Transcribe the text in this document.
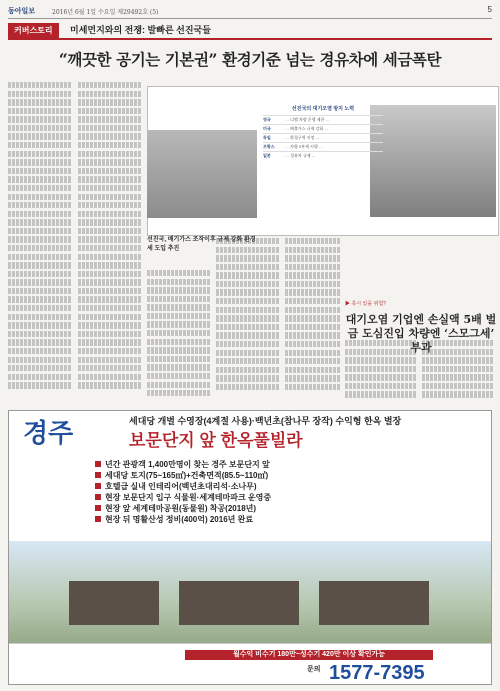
동아일보	2016년 6월 1일 수요일 제29492호 (5)	5
커버스토리	미세먼지와의 전쟁: 발빠른 선진국들
“깨끗한 공기는 기본권” 환경기준 넘는 경유차에 세금폭탄
선진국의 대기오염 방지 노력
영국	… 디젤 차량 운행 제한 …
미국	… 배출가스 규제 강화 …
독일	… 환경구역 지정 …
프랑스	… 차량 2부제 시행 …
일본	… 경유차 규제 …
선진국, 배기가스 조작이후 규제 강화 환경세 도입 추진
▶ 혹시 있을 위험?
대기오염 기업엔 손실액 5배 벌금 도심진입 차량엔 ‘스모그세’ 부과
경주	세대당 개별 수영장(4계절 사용)·백년초(참나무 장작) 수익형 한옥 별장
보문단지 앞 한옥풀빌라
년간 관광객 1,400만명이 찾는 경주 보문단지 앞
세대당 토지(75~165㎡)+건축면적(85.5~110㎡)
호텔급 실내 인테리어(백년초대리석·소나무)
현장 보문단지 입구 식물원·세계테마파크 운영중
현장 앞 세계테마공원(동물원) 착공(2018년)
현장 뒤 명활산성 정비(400억) 2016년 완료
월수익 비수기 180만~성수기 420만 이상 확인가능
문의 1577-7395
